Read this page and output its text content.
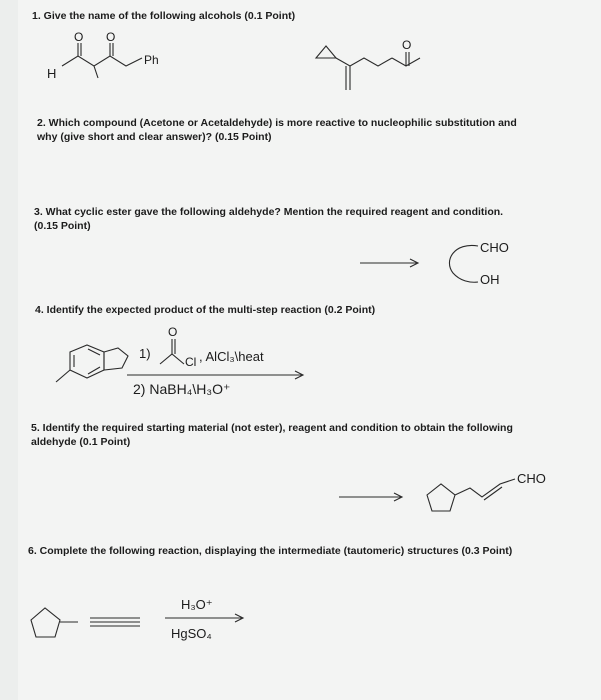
1. Give the name of the following alcohols (0.1 Point)
2. Which compound (Acetone or Acetaldehyde) is more reactive to nucleophilic substitution and why (give short and clear answer)? (0.15 Point)
3. What cyclic ester gave the following aldehyde? Mention the required reagent and condition. (0.15 Point)
4. Identify the expected product of the multi-step reaction (0.2 Point)
5. Identify the required starting material (not ester), reagent and condition to obtain the following aldehyde (0.1 Point)
6. Complete the following reaction, displaying the intermediate (tautomeric) structures (0.3 Point)
H
Ph
O O
O
CHO
OH
1)
O
Cl , AlCl₃\heat
2) NaBH₄\H₃O⁺
CHO
H₃O⁺
HgSO₄
